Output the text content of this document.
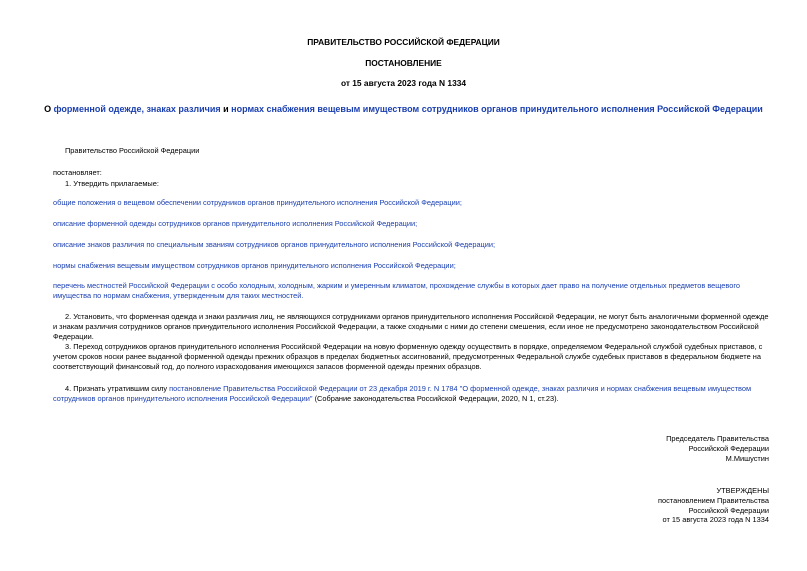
ПРАВИТЕЛЬСТВО РОССИЙСКОЙ ФЕДЕРАЦИИ
ПОСТАНОВЛЕНИЕ
от 15 августа 2023 года N 1334
О форменной одежде, знаках различия и нормах снабжения вещевым имуществом сотрудников органов принудительного исполнения Российской Федерации
Правительство Российской Федерации
постановляет:
1. Утвердить прилагаемые:
общие положения о вещевом обеспечении сотрудников органов принудительного исполнения Российской Федерации;
описание форменной одежды сотрудников органов принудительного исполнения Российской Федерации;
описание знаков различия по специальным званиям сотрудников органов принудительного исполнения Российской Федерации;
нормы снабжения вещевым имуществом сотрудников органов принудительного исполнения Российской Федерации;
перечень местностей Российской Федерации с особо холодным, холодным, жарким и умеренным климатом, прохождение службы в которых дает право на получение отдельных предметов вещевого имущества по нормам снабжения, утвержденным для таких местностей.
2. Установить, что форменная одежда и знаки различия лиц, не являющихся сотрудниками органов принудительного исполнения Российской Федерации, не могут быть аналогичными форменной одежде и знакам различия сотрудников органов принудительного исполнения Российской Федерации, а также сходными с ними до степени смешения, если иное не предусмотрено законодательством Российской Федерации.
3. Переход сотрудников органов принудительного исполнения Российской Федерации на новую форменную одежду осуществить в порядке, определяемом Федеральной службой судебных приставов, с учетом сроков носки ранее выданной форменной одежды прежних образцов в пределах бюджетных ассигнований, предусмотренных Федеральной службе судебных приставов в федеральном бюджете на соответствующий финансовый год, до полного израсходования имеющихся запасов форменной одежды прежних образцов.
4. Признать утратившим силу постановление Правительства Российской Федерации от 23 декабря 2019 г. N 1784 "О форменной одежде, знаках различия и нормах снабжения вещевым имуществом сотрудников органов принудительного исполнения Российской Федерации" (Собрание законодательства Российской Федерации, 2020, N 1, ст.23).
Председатель Правительства
Российской Федерации
М.Мишустин
УТВЕРЖДЕНЫ
постановлением Правительства
Российской Федерации
от 15 августа 2023 года N 1334
